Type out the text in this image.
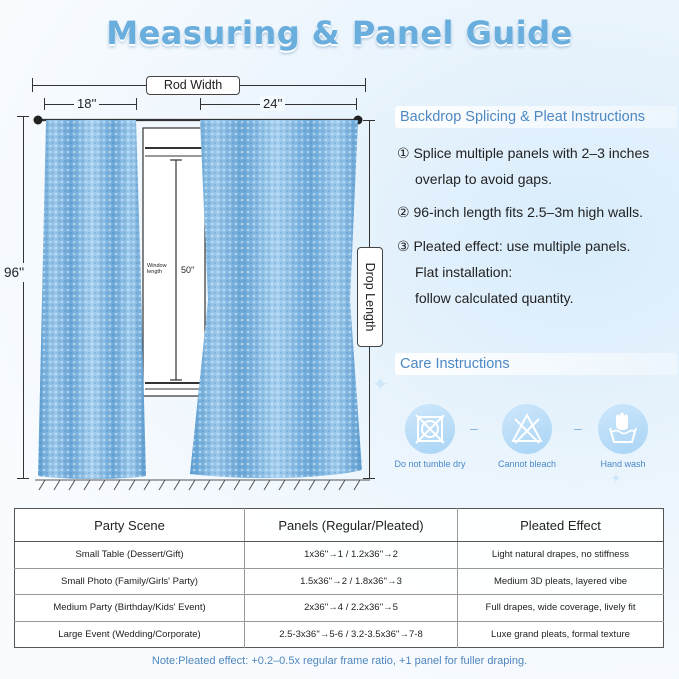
✦
✦
Measuring & Panel Guide
Rod Width
18''	24''
96''	Drop Length
Window length	50''
Backdrop Splicing & Pleat Instructions
① Splice multiple panels with 2–3 inches
overlap to avoid gaps.
② 96-inch length fits 2.5–3m high walls.
③ Pleated effect: use multiple panels.
Flat installation:
follow calculated quantity.
Care Instructions
–	–
Do not tumble dry	Cannot bleach	Hand wash
Party Scene	Panels (Regular/Pleated)	Pleated Effect
Small Table (Dessert/Gift)	1x36''→1 / 1.2x36''→2	Light natural drapes, no stiffness
Small Photo (Family/Girls' Party)	1.5x36''→2 / 1.8x36''→3	Medium 3D pleats, layered vibe
Medium Party (Birthday/Kids' Event)	2x36''→4 / 2.2x36''→5	Full drapes, wide coverage, lively fit
Large Event (Wedding/Corporate)	2.5-3x36''→5-6 / 3.2-3.5x36''→7-8	Luxe grand pleats, formal texture
Note:Pleated effect: +0.2–0.5x regular frame ratio, +1 panel for fuller draping.
